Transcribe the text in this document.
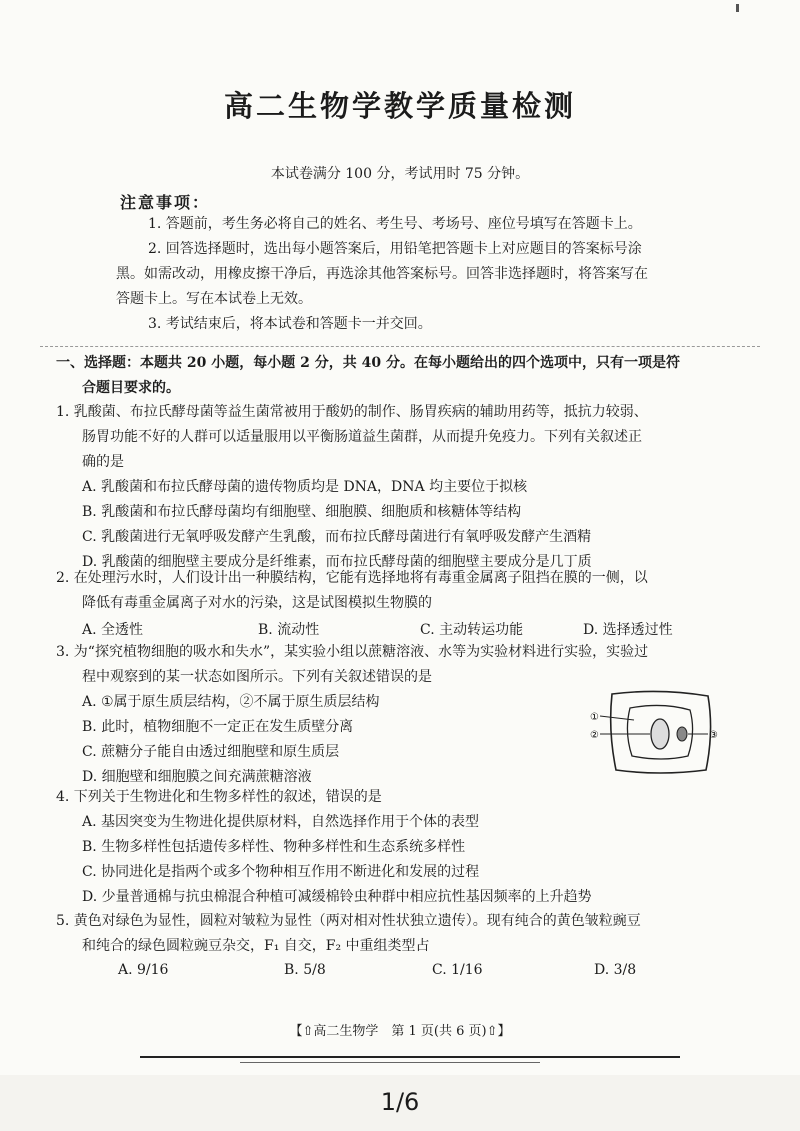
高二生物学教学质量检测
本试卷满分 100 分，考试用时 75 分钟。
注意事项：
1. 答题前，考生务必将自己的姓名、考生号、考场号、座位号填写在答题卡上。
2. 回答选择题时，选出每小题答案后，用铅笔把答题卡上对应题目的答案标号涂
黑。如需改动，用橡皮擦干净后，再选涂其他答案标号。回答非选择题时，将答案写在
答题卡上。写在本试卷上无效。
3. 考试结束后，将本试卷和答题卡一并交回。
一、选择题：本题共 20 小题，每小题 2 分，共 40 分。在每小题给出的四个选项中，只有一项是符
合题目要求的。
1. 乳酸菌、布拉氏酵母菌等益生菌常被用于酸奶的制作、肠胃疾病的辅助用药等，抵抗力较弱、
肠胃功能不好的人群可以适量服用以平衡肠道益生菌群，从而提升免疫力。下列有关叙述正
确的是
A. 乳酸菌和布拉氏酵母菌的遗传物质均是 DNA，DNA 均主要位于拟核
B. 乳酸菌和布拉氏酵母菌均有细胞壁、细胞膜、细胞质和核糖体等结构
C. 乳酸菌进行无氧呼吸发酵产生乳酸，而布拉氏酵母菌进行有氧呼吸发酵产生酒精
D. 乳酸菌的细胞壁主要成分是纤维素，而布拉氏酵母菌的细胞壁主要成分是几丁质
2. 在处理污水时，人们设计出一种膜结构，它能有选择地将有毒重金属离子阻挡在膜的一侧，以
降低有毒重金属离子对水的污染，这是试图模拟生物膜的
A. 全透性	B. 流动性	C. 主动转运功能	D. 选择透过性
3. 为“探究植物细胞的吸水和失水”，某实验小组以蔗糖溶液、水等为实验材料进行实验，实验过
程中观察到的某一状态如图所示。下列有关叙述错误的是
A. ①属于原生质层结构，②不属于原生质层结构
B. 此时，植物细胞不一定正在发生质壁分离
C. 蔗糖分子能自由透过细胞壁和原生质层
D. 细胞壁和细胞膜之间充满蔗糖溶液
①
②	③
4. 下列关于生物进化和生物多样性的叙述，错误的是
A. 基因突变为生物进化提供原材料，自然选择作用于个体的表型
B. 生物多样性包括遗传多样性、物种多样性和生态系统多样性
C. 协同进化是指两个或多个物种相互作用不断进化和发展的过程
D. 少量普通棉与抗虫棉混合种植可减缓棉铃虫种群中相应抗性基因频率的上升趋势
5. 黄色对绿色为显性，圆粒对皱粒为显性（两对相对性状独立遗传）。现有纯合的黄色皱粒豌豆
和纯合的绿色圆粒豌豆杂交，F₁ 自交，F₂ 中重组类型占
A. 9/16	B. 5/8	C. 1/16	D. 3/8
【⇧高二生物学　第 1 页(共 6 页)⇧】
1/6
